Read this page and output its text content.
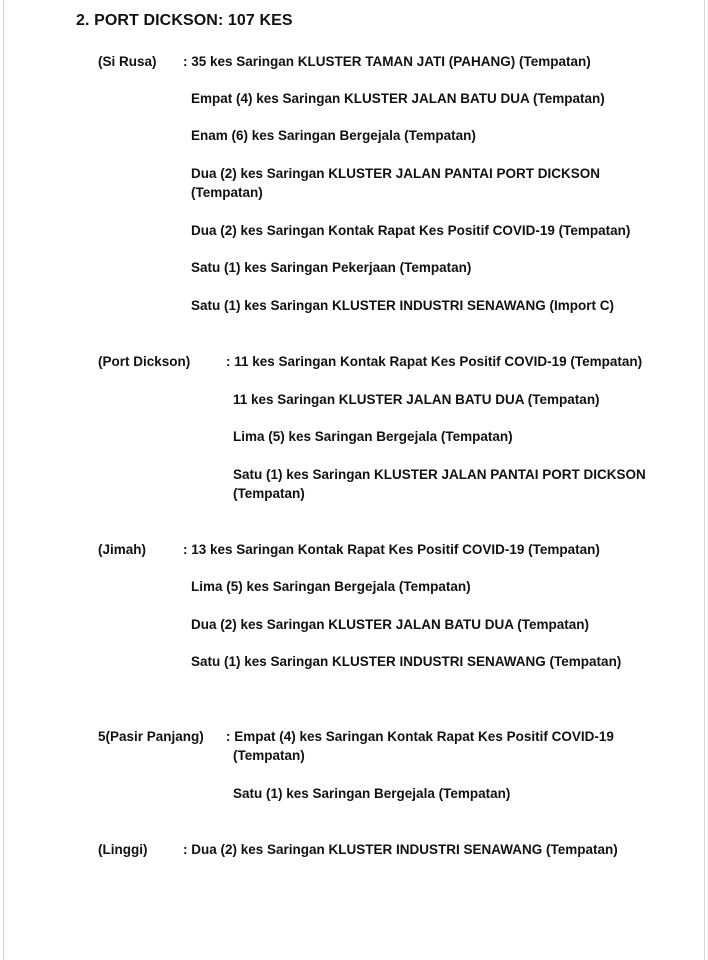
2. PORT DICKSON: 107 KES
(Si Rusa) : 35 kes Saringan KLUSTER TAMAN JATI (PAHANG) (Tempatan)
Empat (4) kes Saringan KLUSTER JALAN BATU DUA (Tempatan)
Enam (6) kes Saringan Bergejala (Tempatan)
Dua (2) kes Saringan KLUSTER JALAN PANTAI PORT DICKSON
(Tempatan)
Dua (2) kes Saringan Kontak Rapat Kes Positif COVID-19 (Tempatan)
Satu (1) kes Saringan Pekerjaan (Tempatan)
Satu (1) kes Saringan KLUSTER INDUSTRI SENAWANG (Import C)
(Port Dickson)	: 11 kes Saringan Kontak Rapat Kes Positif COVID-19 (Tempatan)
11 kes Saringan KLUSTER JALAN BATU DUA (Tempatan)
Lima (5) kes Saringan Bergejala (Tempatan)
Satu (1) kes Saringan KLUSTER JALAN PANTAI PORT DICKSON
(Tempatan)
(Jimah)	: 13 kes Saringan Kontak Rapat Kes Positif COVID-19 (Tempatan)
Lima (5) kes Saringan Bergejala (Tempatan)
Dua (2) kes Saringan KLUSTER JALAN BATU DUA (Tempatan)
Satu (1) kes Saringan KLUSTER INDUSTRI SENAWANG (Tempatan)
5(Pasir Panjang) : Empat (4) kes Saringan Kontak Rapat Kes Positif COVID-19
(Tempatan)
Satu (1) kes Saringan Bergejala (Tempatan)
(Linggi)	: Dua (2) kes Saringan KLUSTER INDUSTRI SENAWANG (Tempatan)
